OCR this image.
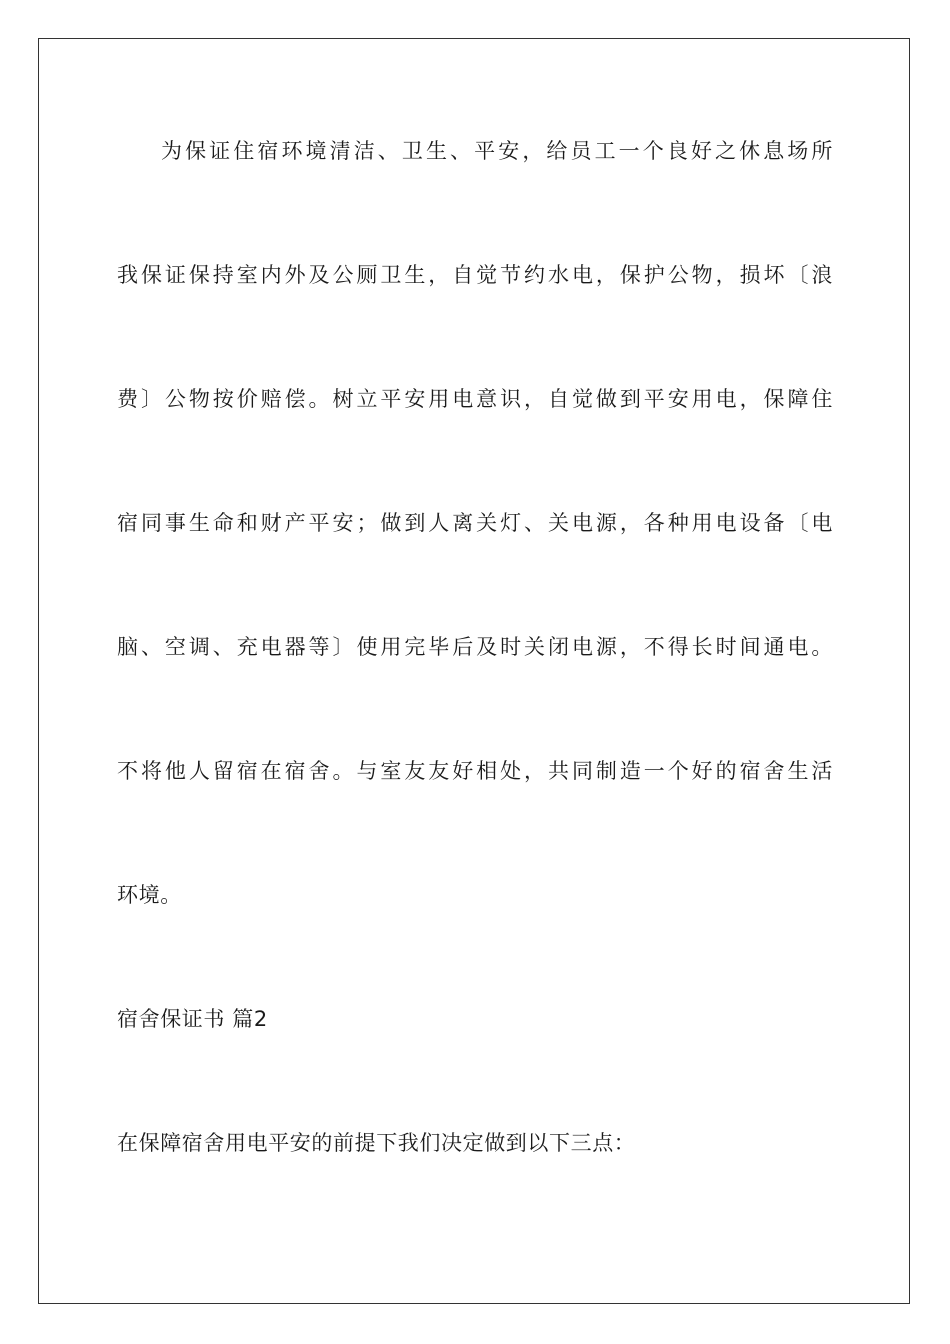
为保证住宿环境清洁、卫生、平安，给员工一个良好之休息场所
我保证保持室内外及公厕卫生，自觉节约水电，保护公物，损坏〔浪
费〕公物按价赔偿。树立平安用电意识，自觉做到平安用电，保障住
宿同事生命和财产平安；做到人离关灯、关电源，各种用电设备〔电
脑、空调、充电器等〕使用完毕后及时关闭电源，不得长时间通电。
不将他人留宿在宿舍。与室友友好相处，共同制造一个好的宿舍生活
环境。
宿舍保证书 篇2
在保障宿舍用电平安的前提下我们决定做到以下三点：
